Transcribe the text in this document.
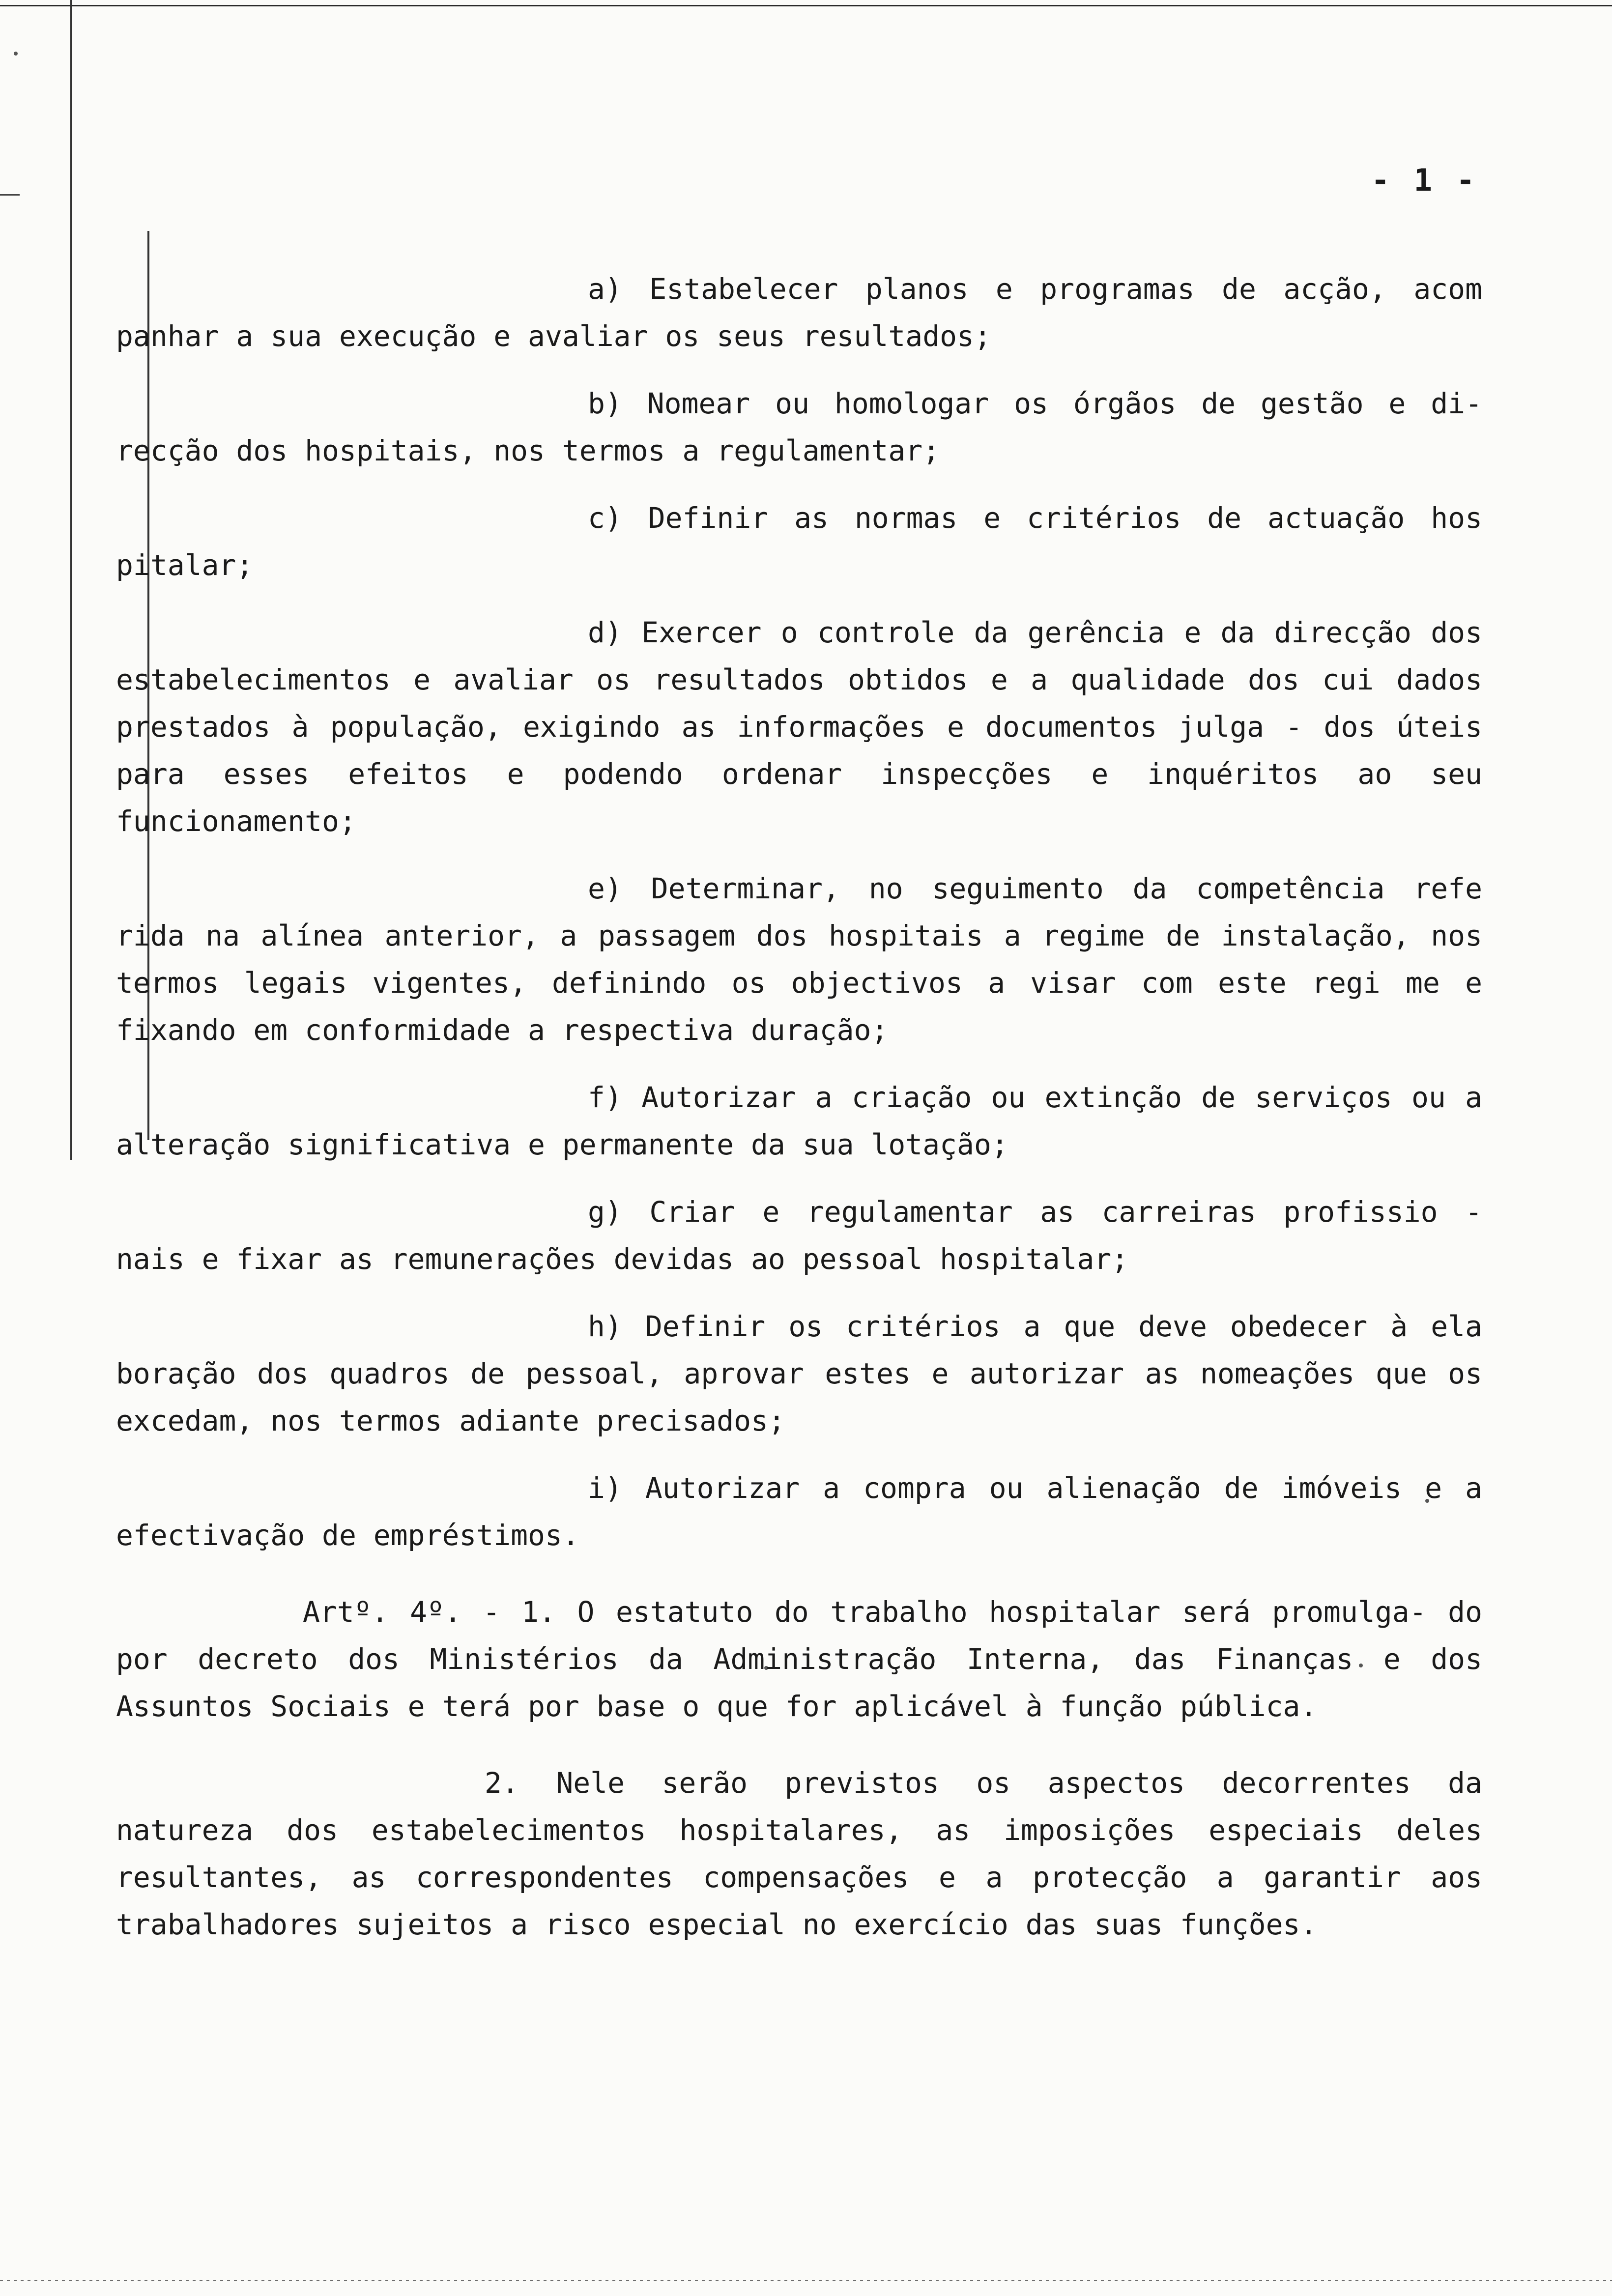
- 1 -

a) Estabelecer planos e programas de acção, acom panhar a sua execução e avaliar os seus resultados;

b) Nomear ou homologar os órgãos de gestão e di- recção dos hospitais, nos termos a regulamentar;

c) Definir as normas e critérios de actuação hos pitalar;

d) Exercer o controle da gerência e da direcção dos estabelecimentos e avaliar os resultados obtidos e a qualidade dos cui dados prestados à população, exigindo as informações e documentos julga - dos úteis para esses efeitos e podendo ordenar inspecções e inquéritos ao seu funcionamento;

e) Determinar, no seguimento da competência refe rida na alínea anterior, a passagem dos hospitais a regime de instalação, nos termos legais vigentes, definindo os objectivos a visar com este regi me e fixando em conformidade a respectiva duração;

f) Autorizar a criação ou extinção de serviços ou a alteração significativa e permanente da sua lotação;

g) Criar e regulamentar as carreiras profissio - nais e fixar as remunerações devidas ao pessoal hospitalar;

h) Definir os critérios a que deve obedecer à ela boração dos quadros de pessoal, aprovar estes e autorizar as nomeações que os excedam, nos termos adiante precisados;

i) Autorizar a compra ou alienação de imóveis e a efectivação de empréstimos.

Artº. 4º. - 1. O estatuto do trabalho hospitalar será promulga- do por decreto dos Ministérios da Administração Interna, das Finanças e dos Assuntos Sociais e terá por base o que for aplicável à função pública.

2. Nele serão previstos os aspectos decorrentes da natureza dos estabelecimentos hospitalares, as imposições especiais deles resultantes, as correspondentes compensações e a protecção a garantir aos trabalhadores sujeitos a risco especial no exercício das suas funções.
